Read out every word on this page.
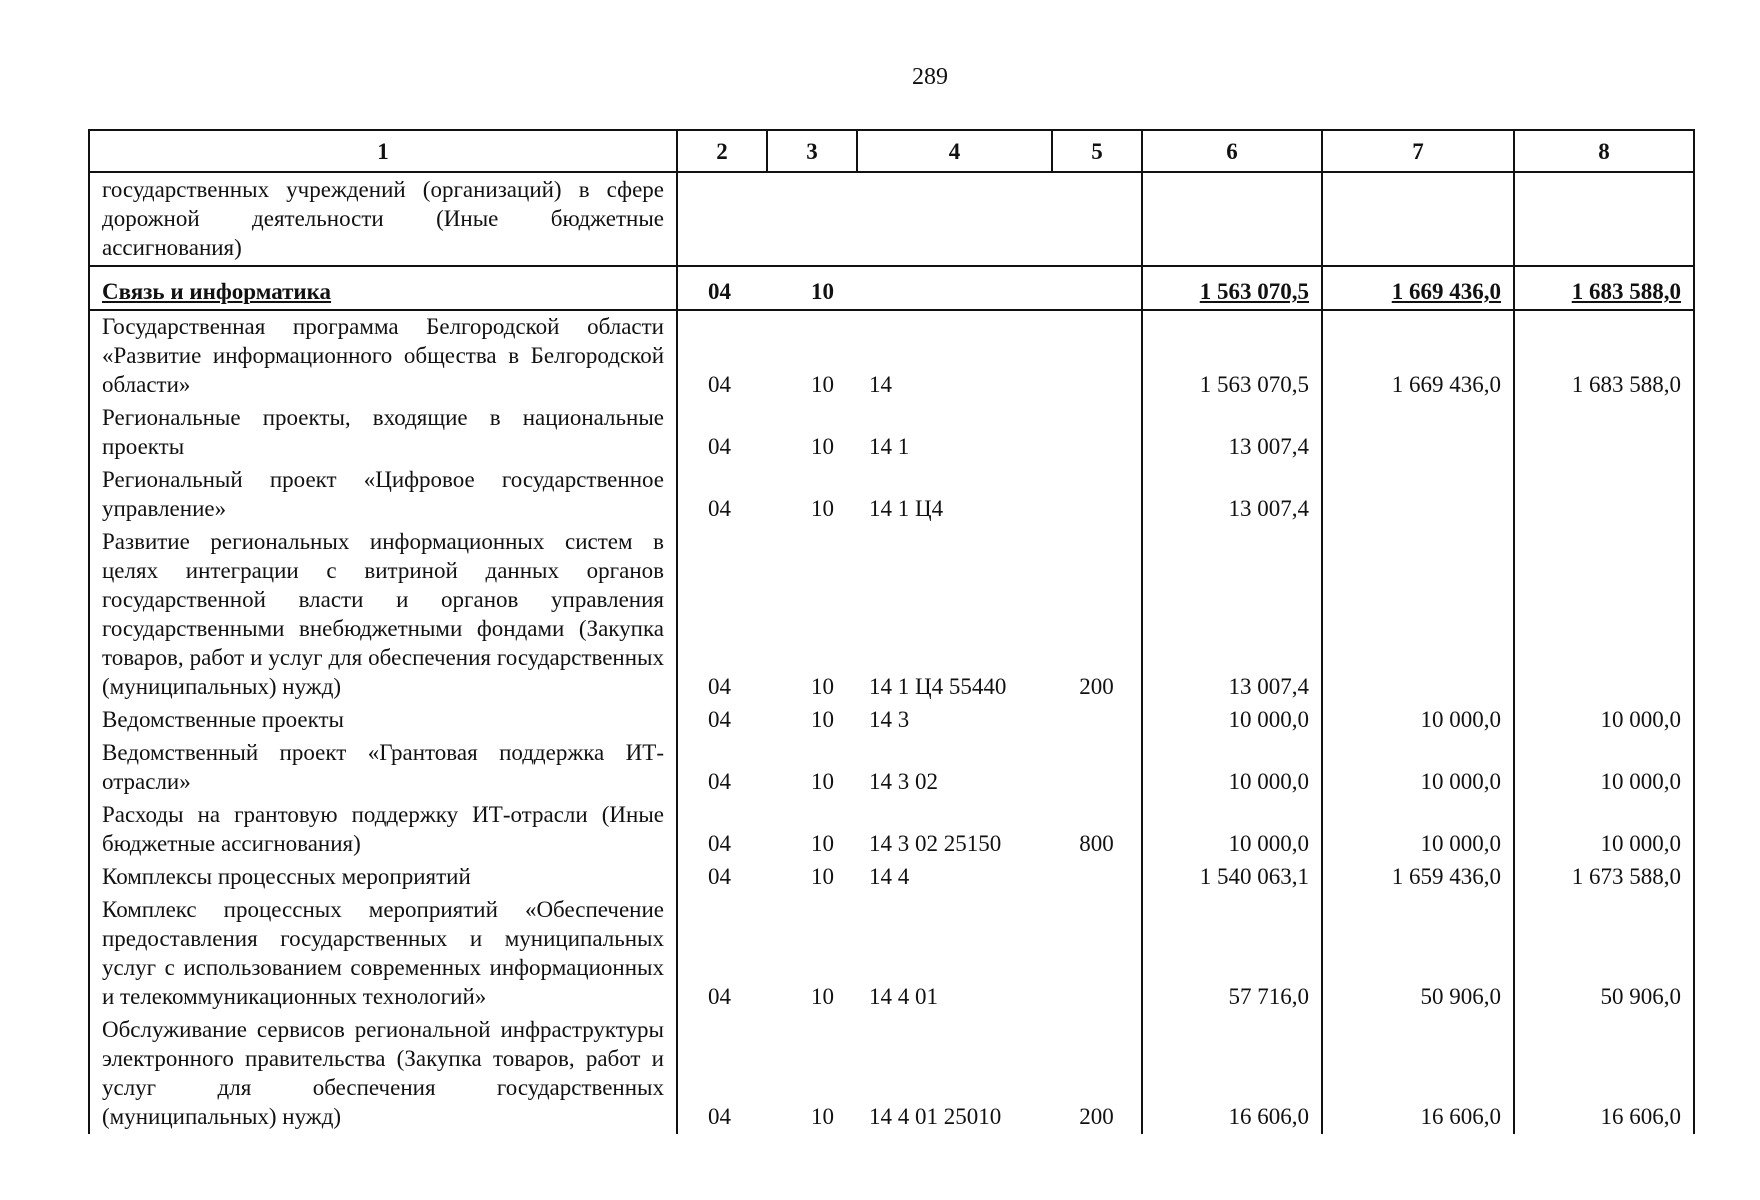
289
1	2	3	4	5	6	7	8
государственных учреждений (организаций) в сфере дорожной деятельности (Иные бюджетные ассигнования)							
Связь и информатика	04	10			1 563 070,5	1 669 436,0	1 683 588,0
Государственная программа Белгородской области «Развитие информационного общества в Белгородской области»	04	10	14		1 563 070,5	1 669 436,0	1 683 588,0
Региональные проекты, входящие в национальные проекты	04	10	14 1		13 007,4		
Региональный проект «Цифровое государственное управление»	04	10	14 1 Ц4		13 007,4		
Развитие региональных информационных систем в целях интеграции с витриной данных органов государственной власти и органов управления государственными внебюджетными фондами (Закупка товаров, работ и услуг для обеспечения государственных (муниципальных) нужд)	04	10	14 1 Ц4 55440	200	13 007,4		
Ведомственные проекты	04	10	14 3		10 000,0	10 000,0	10 000,0
Ведомственный проект «Грантовая поддержка ИТ-отрасли»	04	10	14 3 02		10 000,0	10 000,0	10 000,0
Расходы на грантовую поддержку ИТ-отрасли (Иные бюджетные ассигнования)	04	10	14 3 02 25150	800	10 000,0	10 000,0	10 000,0
Комплексы процессных мероприятий	04	10	14 4		1 540 063,1	1 659 436,0	1 673 588,0
Комплекс процессных мероприятий «Обеспечение предоставления государственных и муниципальных услуг с использованием современных информационных и телекоммуникационных технологий»	04	10	14 4 01		57 716,0	50 906,0	50 906,0
Обслуживание сервисов региональной инфраструктуры электронного правительства (Закупка товаров, работ и услуг для обеспечения государственных (муниципальных) нужд)	04	10	14 4 01 25010	200	16 606,0	16 606,0	16 606,0
